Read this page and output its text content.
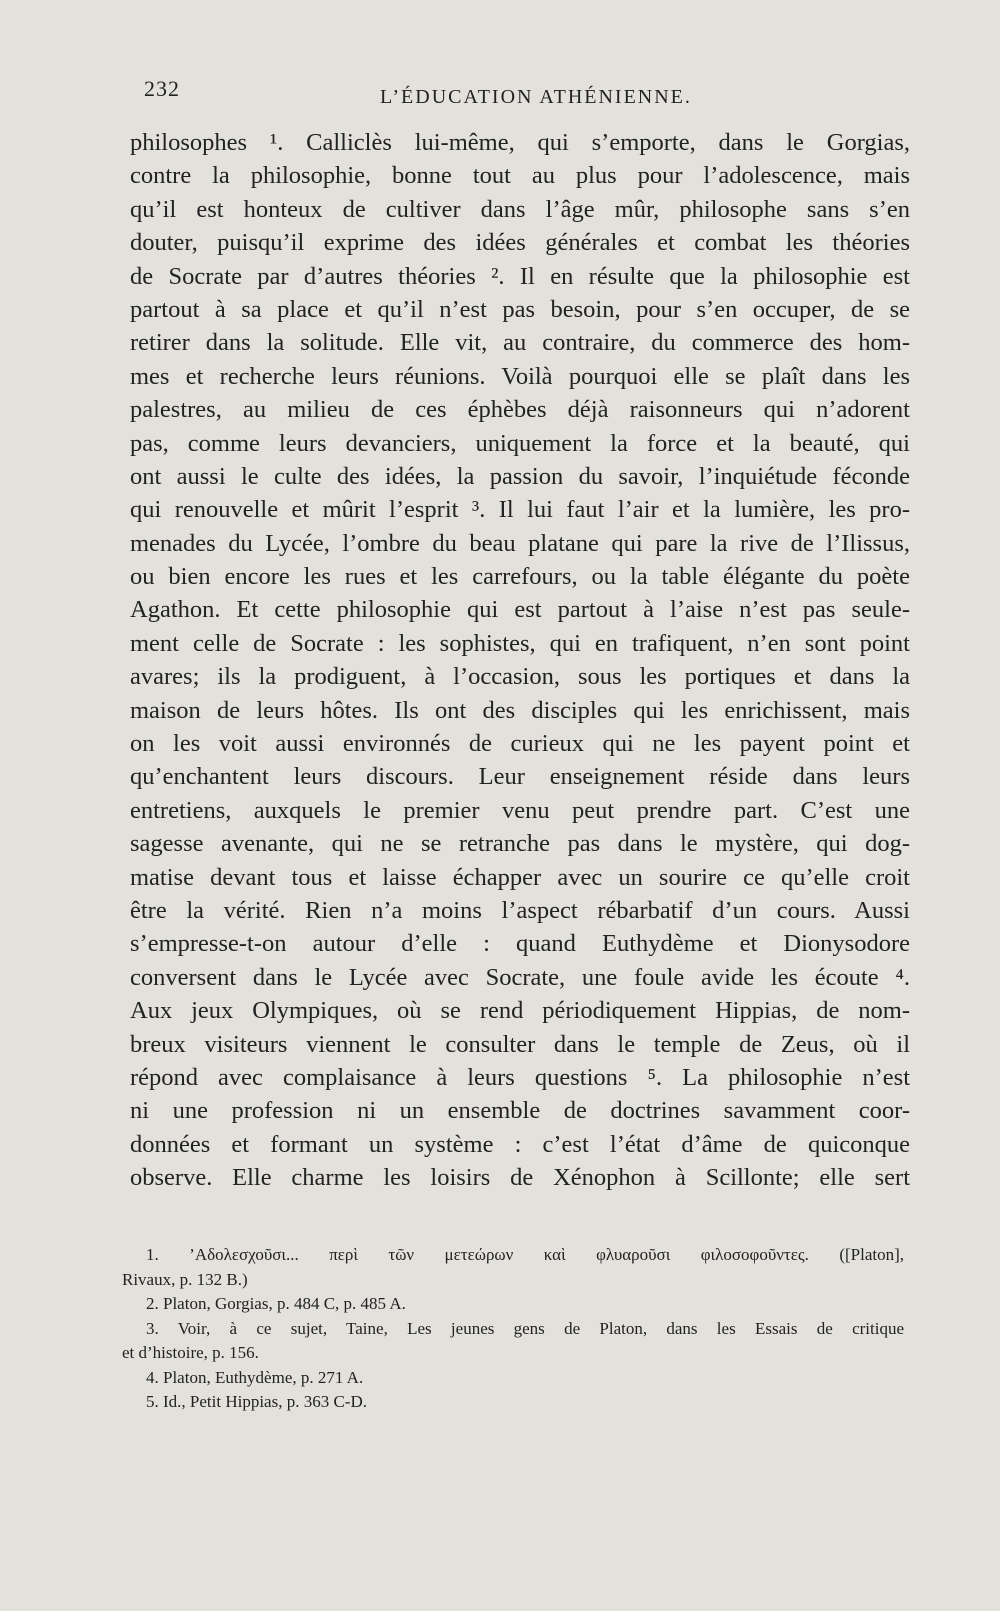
232	L’ÉDUCATION ATHÉNIENNE.
philosophes ¹. Calliclès lui-même, qui s’emporte, dans le Gorgias,
contre la philosophie, bonne tout au plus pour l’adolescence, mais
qu’il est honteux de cultiver dans l’âge mûr, philosophe sans s’en
douter, puisqu’il exprime des idées générales et combat les théories
de Socrate par d’autres théories ². Il en résulte que la philosophie est
partout à sa place et qu’il n’est pas besoin, pour s’en occuper, de se
retirer dans la solitude. Elle vit, au contraire, du commerce des hom-
mes et recherche leurs réunions. Voilà pourquoi elle se plaît dans les
palestres, au milieu de ces éphèbes déjà raisonneurs qui n’adorent
pas, comme leurs devanciers, uniquement la force et la beauté, qui
ont aussi le culte des idées, la passion du savoir, l’inquiétude féconde
qui renouvelle et mûrit l’esprit ³. Il lui faut l’air et la lumière, les pro-
menades du Lycée, l’ombre du beau platane qui pare la rive de l’Ilissus,
ou bien encore les rues et les carrefours, ou la table élégante du poète
Agathon. Et cette philosophie qui est partout à l’aise n’est pas seule-
ment celle de Socrate : les sophistes, qui en trafiquent, n’en sont point
avares; ils la prodiguent, à l’occasion, sous les portiques et dans la
maison de leurs hôtes. Ils ont des disciples qui les enrichissent, mais
on les voit aussi environnés de curieux qui ne les payent point et
qu’enchantent leurs discours. Leur enseignement réside dans leurs
entretiens, auxquels le premier venu peut prendre part. C’est une
sagesse avenante, qui ne se retranche pas dans le mystère, qui dog-
matise devant tous et laisse échapper avec un sourire ce qu’elle croit
être la vérité. Rien n’a moins l’aspect rébarbatif d’un cours. Aussi
s’empresse-t-on autour d’elle : quand Euthydème et Dionysodore
conversent dans le Lycée avec Socrate, une foule avide les écoute ⁴.
Aux jeux Olympiques, où se rend périodiquement Hippias, de nom-
breux visiteurs viennent le consulter dans le temple de Zeus, où il
répond avec complaisance à leurs questions ⁵. La philosophie n’est
ni une profession ni un ensemble de doctrines savamment coor-
données et formant un système : c’est l’état d’âme de quiconque
observe. Elle charme les loisirs de Xénophon à Scillonte; elle sert
1. ’Αδολεσχοῦσι... περὶ τῶν μετεώρων καὶ φλυαροῦσι φιλοσοφοῦντες. ([Platon],
Rivaux, p. 132 B.)
2. Platon, Gorgias, p. 484 C, p. 485 A.
3. Voir, à ce sujet, Taine, Les jeunes gens de Platon, dans les Essais de critique
et d’histoire, p. 156.
4. Platon, Euthydème, p. 271 A.
5. Id., Petit Hippias, p. 363 C-D.
